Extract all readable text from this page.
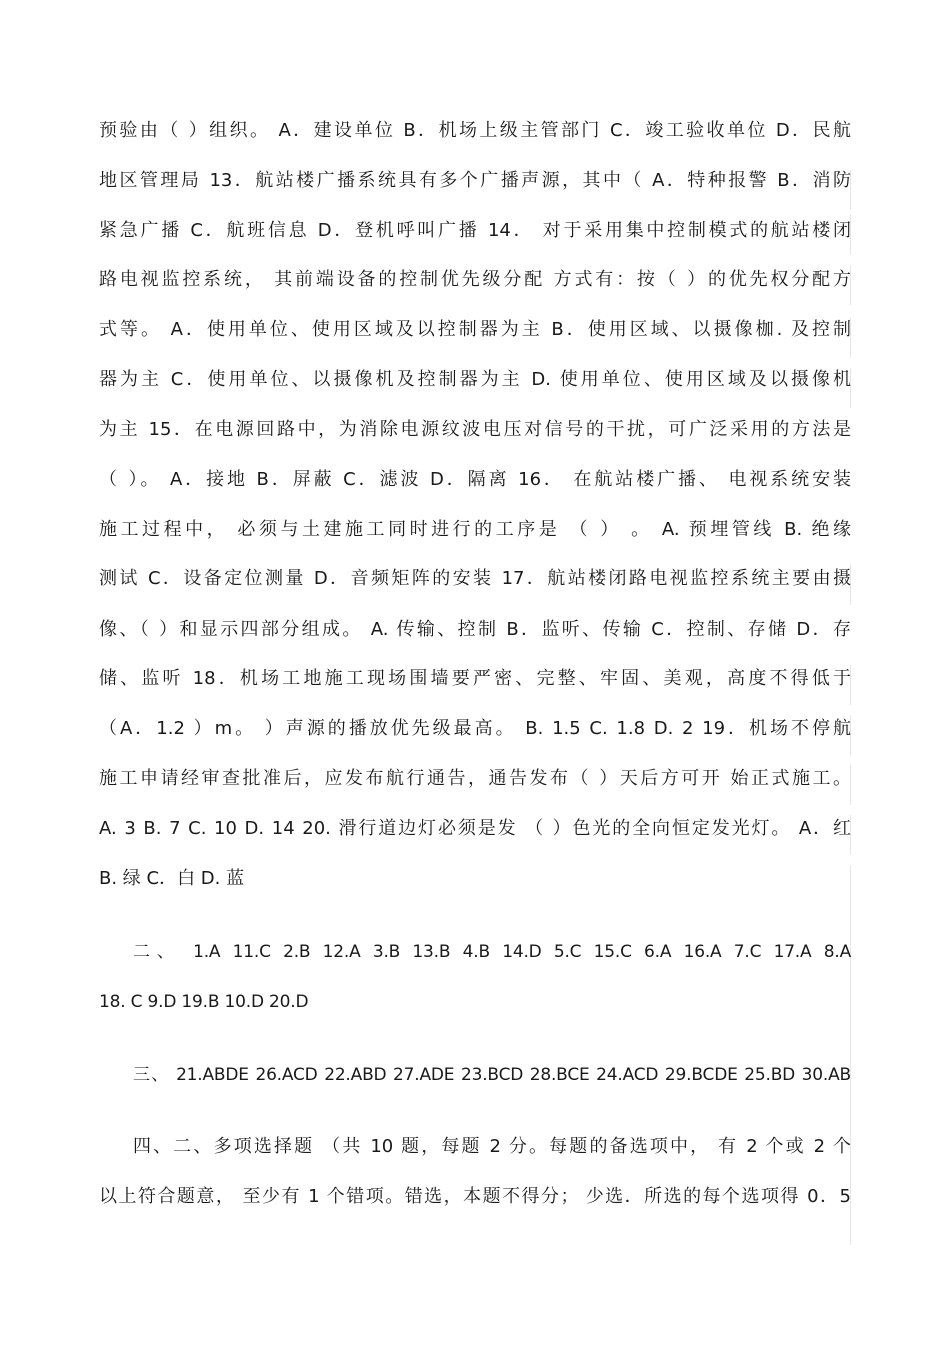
预验由（ ）组织。 A．建设单位 B．机场上级主管部门 C．竣工验收单位 D．民航
地区管理局 13．航站楼广播系统具有多个广播声源，其中（ A．特种报警 B．消防
紧急广播 C．航班信息 D．登机呼叫广播 14． 对于采用集中控制模式的航站楼闭
路电视监控系统， 其前端设备的控制优先级分配 方式有：按（ ）的优先权分配方
式等。 A．使用单位、使用区域及以控制器为主 B．使用区域、以摄像枷. 及控制
器为主 C．使用单位、以摄像机及控制器为主 D. 使用单位、使用区域及以摄像机
为主 15．在电源回路中，为消除电源纹波电压对信号的干扰，可广泛采用的方法是
（ ）。 A．接地 B．屏蔽 C．滤波 D．隔离 16． 在航站楼广播、 电视系统安装
施工过程中， 必须与土建施工同时进行的工序是 （ ） 。 A. 预埋管线 B. 绝缘
测试 C．设备定位测量 D．音频矩阵的安装 17．航站楼闭路电视监控系统主要由摄
像、（ ）和显示四部分组成。 A. 传输、控制 B．监听、传输 C．控制、存储 D．存
储、监听 18．机场工地施工现场围墙要严密、完整、牢固、美观，高度不得低于
（A．1.2 ）m。 ）声源的播放优先级最高。 B. 1.5 C. 1.8 D. 2 19．机场不停航
施工申请经审查批准后，应发布航行通告，通告发布（ ）天后方可开 始正式施工。
A. 3 B. 7 C. 10 D. 14 20. 滑行道边灯必须是发 （ ）色光的全向恒定发光灯。 A．红
B. 绿 C．白 D. 蓝
二、 1.A 11.C 2.B 12.A 3.B 13.B 4.B 14.D 5.C 15.C 6.A 16.A 7.C 17.A 8.A
18. C 9.D 19.B 10.D 20.D
三、 21.ABDE 26.ACD 22.ABD 27.ADE 23.BCD 28.BCE 24.ACD 29.BCDE 25.BD 30.AB
四、二、多项选择题 （共 10 题，每题 2 分。每题的备选项中， 有 2 个或 2 个
以上符合题意， 至少有 1 个错项。错选，本题不得分； 少选．所选的每个选项得 0．5
